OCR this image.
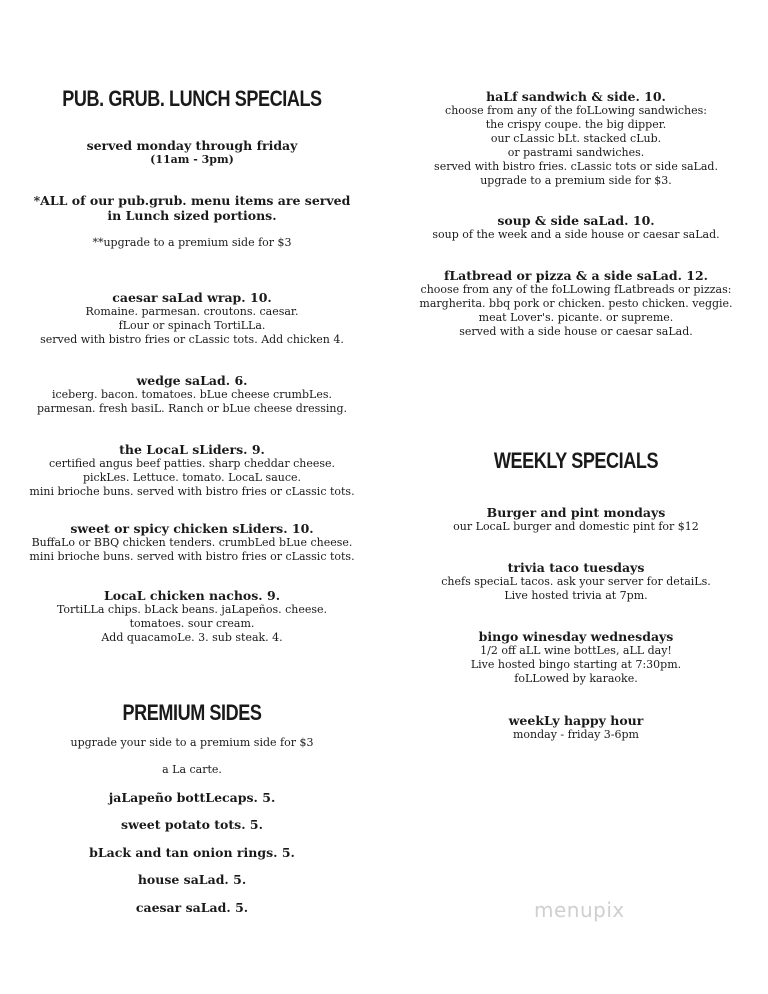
PUB. GRUB. LUNCH SPECIALS
served monday through friday
(11am - 3pm)
*ALL of our pub.grub. menu items are served
in Lunch sized portions.
**upgrade to a premium side for $3
caesar saLad wrap. 10.
Romaine. parmesan. croutons. caesar.
fLour or spinach TortiLLa.
served with bistro fries or cLassic tots. Add chicken 4.
wedge saLad. 6.
iceberg. bacon. tomatoes. bLue cheese crumbLes.
parmesan. fresh basiL. Ranch or bLue cheese dressing.
the LocaL sLiders. 9.
certified angus beef patties. sharp cheddar cheese.
pickLes. Lettuce. tomato. LocaL sauce.
mini brioche buns. served with bistro fries or cLassic tots.
sweet or spicy chicken sLiders. 10.
BuffaLo or BBQ chicken tenders. crumbLed bLue cheese.
mini brioche buns. served with bistro fries or cLassic tots.
LocaL chicken nachos. 9.
TortiLLa chips. bLack beans. jaLapeños. cheese.
tomatoes. sour cream.
Add quacamoLe. 3. sub steak. 4.
PREMIUM SIDES
upgrade your side to a premium side for $3
a La carte.
jaLapeño bottLecaps. 5.
sweet potato tots. 5.
bLack and tan onion rings. 5.
house saLad. 5.
caesar saLad. 5.
haLf sandwich & side. 10.
choose from any of the foLLowing sandwiches:
the crispy coupe. the big dipper.
our cLassic bLt. stacked cLub.
or pastrami sandwiches.
served with bistro fries. cLassic tots or side saLad.
upgrade to a premium side for $3.
soup & side saLad. 10.
soup of the week and a side house or caesar saLad.
fLatbread or pizza & a side saLad. 12.
choose from any of the foLLowing fLatbreads or pizzas:
margherita. bbq pork or chicken. pesto chicken. veggie.
meat Lover's. picante. or supreme.
served with a side house or caesar saLad.
WEEKLY SPECIALS
Burger and pint mondays
our LocaL burger and domestic pint for $12
trivia taco tuesdays
chefs speciaL tacos. ask your server for detaiLs.
Live hosted trivia at 7pm.
bingo winesday wednesdays
1/2 off aLL wine bottLes, aLL day!
Live hosted bingo starting at 7:30pm.
foLLowed by karaoke.
weekLy happy hour
monday - friday 3-6pm
menupix
